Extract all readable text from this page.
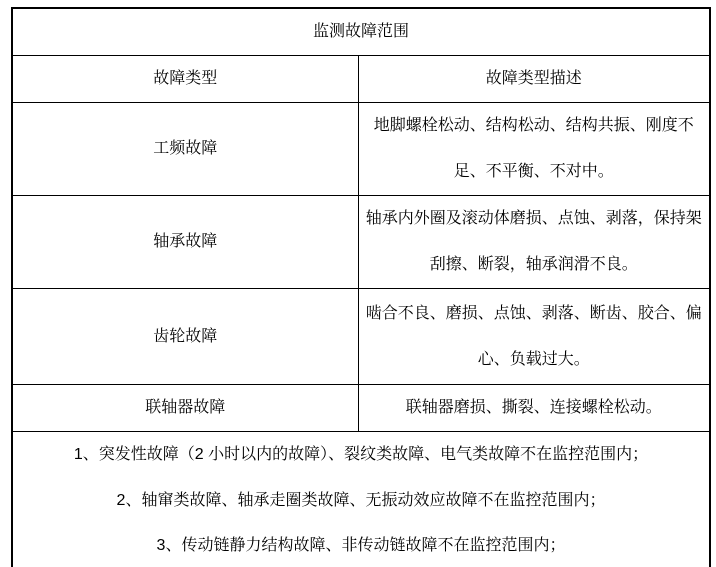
监测故障范围	
故障类型	故障类型描述
工频故障	地脚螺栓松动、结构松动、结构共振、刚度不足、不平衡、不对中。
轴承故障	轴承内外圈及滚动体磨损、点蚀、剥落，保持架刮擦、断裂，轴承润滑不良。
齿轮故障	啮合不良、磨损、点蚀、剥落、断齿、胶合、偏心、负载过大。
联轴器故障	联轴器磨损、撕裂、连接螺栓松动。

1、突发性故障（2 小时以内的故障）、裂纹类故障、电气类故障不在监控范围内；
2、轴窜类故障、轴承走圈类故障、无振动效应故障不在监控范围内；
3、传动链静力结构故障、非传动链故障不在监控范围内；	
